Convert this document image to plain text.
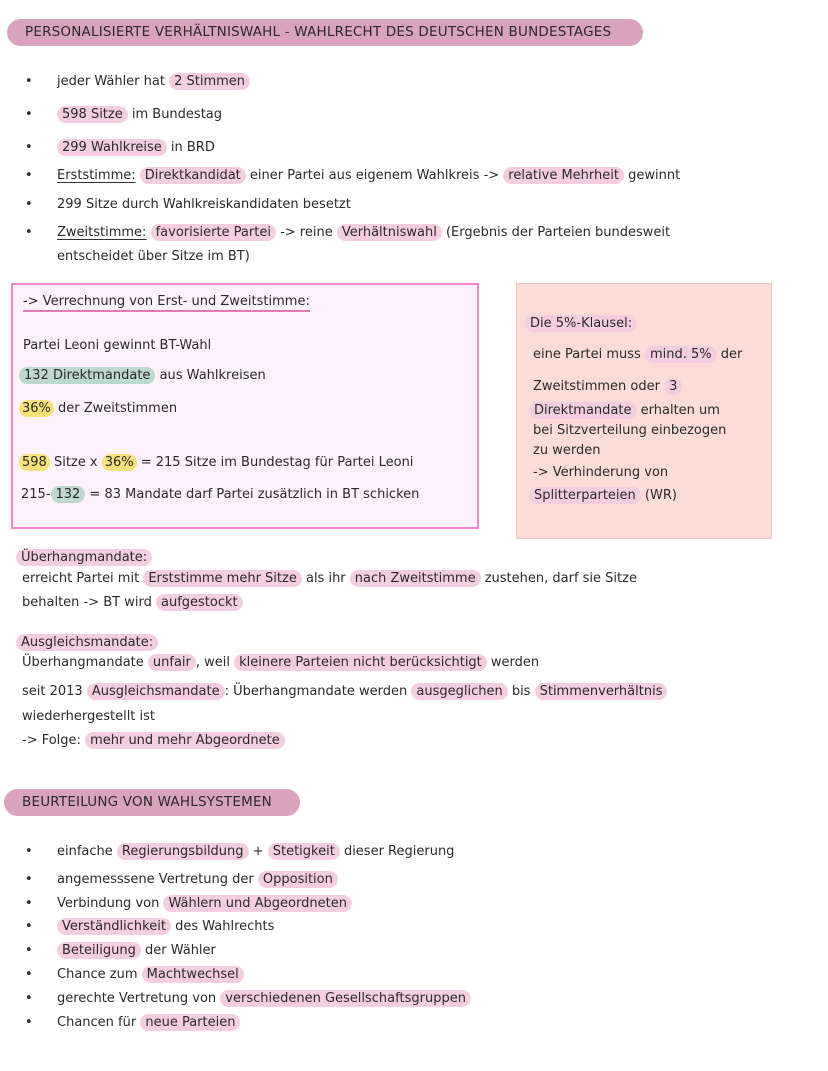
PERSONALISIERTE VERHÄLTNISWAHL - WAHLRECHT DES DEUTSCHEN BUNDESTAGES
• jeder Wähler hat 2 Stimmen
•	598 Sitze im Bundestag
•	299 Wahlkreise in BRD
• Erststimme: Direktkandidat einer Partei aus eigenem Wahlkreis -> relative Mehrheit gewinnt
• 299 Sitze durch Wahlkreiskandidaten besetzt
• Zweitstimme: favorisierte Partei -> reine Verhältniswahl (Ergebnis der Parteien bundesweit
entscheidet über Sitze im BT)
-> Verrechnung von Erst- und Zweitstimme:
Partei Leoni gewinnt BT-Wahl
132 Direktmandate aus Wahlkreisen
36% der Zweitstimmen
598 Sitze x 36% = 215 Sitze im Bundestag für Partei Leoni
215- 132 = 83 Mandate darf Partei zusätzlich in BT schicken
Die 5%-Klausel:
eine Partei muss mind. 5% der
Zweitstimmen oder 3
Direktmandate erhalten um
bei Sitzverteilung einbezogen
zu werden
-> Verhinderung von
Splitterparteien (WR)
Überhangmandate:
erreicht Partei mit Erststimme mehr Sitze als ihr nach Zweitstimme zustehen, darf sie Sitze
behalten -> BT wird aufgestockt
Ausgleichsmandate:
Überhangmandate unfair , weil kleinere Parteien nicht berücksichtigt werden
seit 2013 Ausgleichsmandate : Überhangmandate werden ausgeglichen bis Stimmenverhältnis
wiederhergestellt ist
-> Folge: mehr und mehr Abgeordnete
BEURTEILUNG VON WAHLSYSTEMEN
• einfache Regierungsbildung + Stetigkeit dieser Regierung
• angemesssene Vertretung der Opposition
• Verbindung von Wählern und Abgeordneten
•	Verständlichkeit des Wahlrechts
•	Beteiligung der Wähler
• Chance zum Machtwechsel
• gerechte Vertretung von verschiedenen Gesellschaftsgruppen
• Chancen für neue Parteien
